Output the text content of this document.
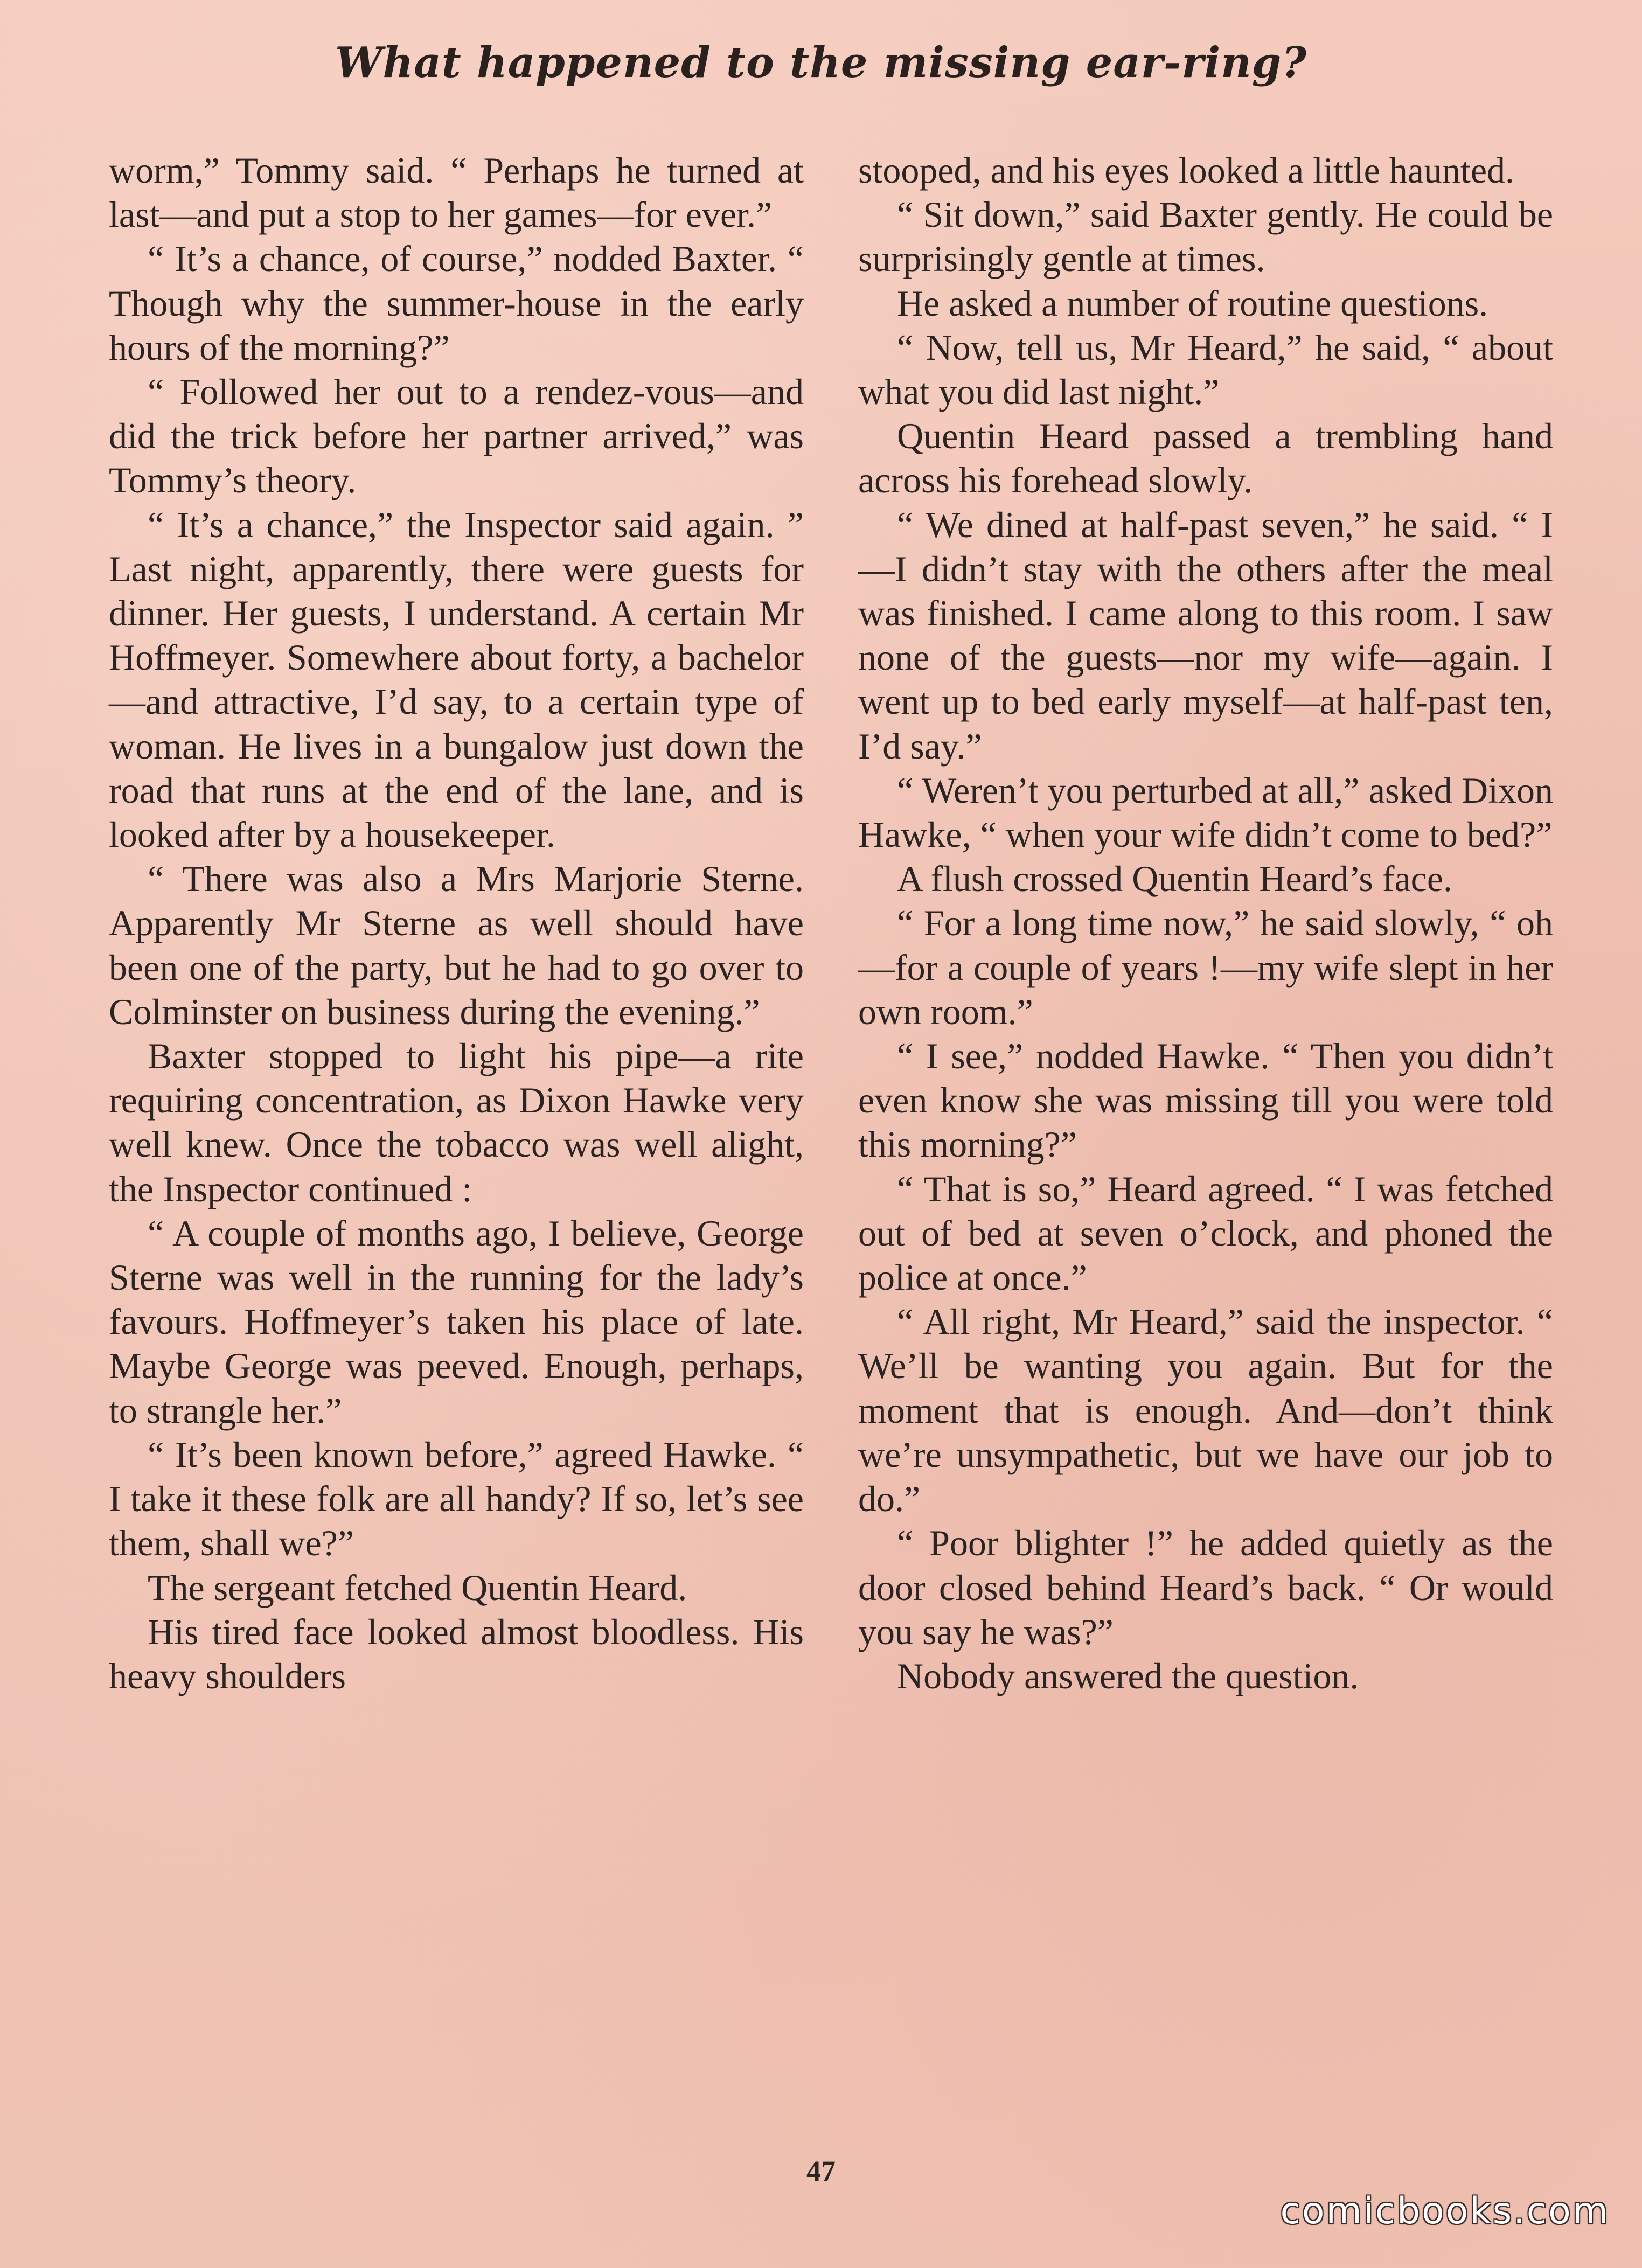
What happened to the missing ear-ring?

worm,” Tommy said. “ Perhaps he turned at last—and put a stop to her games—for ever.”

“ It’s a chance, of course,” nodded Baxter. “ Though why the summer-house in the early hours of the morning?”

“ Followed her out to a rendez-vous—and did the trick before her partner arrived,” was Tommy’s theory.

“ It’s a chance,” the Inspector said again. ” Last night, apparently, there were guests for dinner. Her guests, I understand. A certain Mr Hoffmeyer. Somewhere about forty, a bachelor—and attractive, I’d say, to a certain type of woman. He lives in a bungalow just down the road that runs at the end of the lane, and is looked after by a housekeeper.

“ There was also a Mrs Marjorie Sterne. Apparently Mr Sterne as well should have been one of the party, but he had to go over to Colminster on business during the evening.”

Baxter stopped to light his pipe—a rite requiring concentration, as Dixon Hawke very well knew. Once the tobacco was well alight, the Inspector continued :

“ A couple of months ago, I believe, George Sterne was well in the running for the lady’s favours. Hoffmeyer’s taken his place of late. Maybe George was peeved. Enough, perhaps, to strangle her.”

“ It’s been known before,” agreed Hawke. “ I take it these folk are all handy? If so, let’s see them, shall we?”

The sergeant fetched Quentin Heard.

His tired face looked almost bloodless. His heavy shoulders

stooped, and his eyes looked a little haunted.

“ Sit down,” said Baxter gently. He could be surprisingly gentle at times.

He asked a number of routine questions.

“ Now, tell us, Mr Heard,” he said, “ about what you did last night.”

Quentin Heard passed a trembling hand across his forehead slowly.

“ We dined at half-past seven,” he said. “ I—I didn’t stay with the others after the meal was finished. I came along to this room. I saw none of the guests—nor my wife—again. I went up to bed early myself—at half-past ten, I’d say.”

“ Weren’t you perturbed at all,” asked Dixon Hawke, “ when your wife didn’t come to bed?”

A flush crossed Quentin Heard’s face.

“ For a long time now,” he said slowly, “ oh—for a couple of years !—my wife slept in her own room.”

“ I see,” nodded Hawke. “ Then you didn’t even know she was missing till you were told this morning?”

“ That is so,” Heard agreed. “ I was fetched out of bed at seven o’clock, and phoned the police at once.”

“ All right, Mr Heard,” said the inspector. “ We’ll be wanting you again. But for the moment that is enough. And—don’t think we’re unsympathetic, but we have our job to do.”

“ Poor blighter !” he added quietly as the door closed behind Heard’s back. “ Or would you say he was?”

Nobody answered the question.

47
comicbooks.com
